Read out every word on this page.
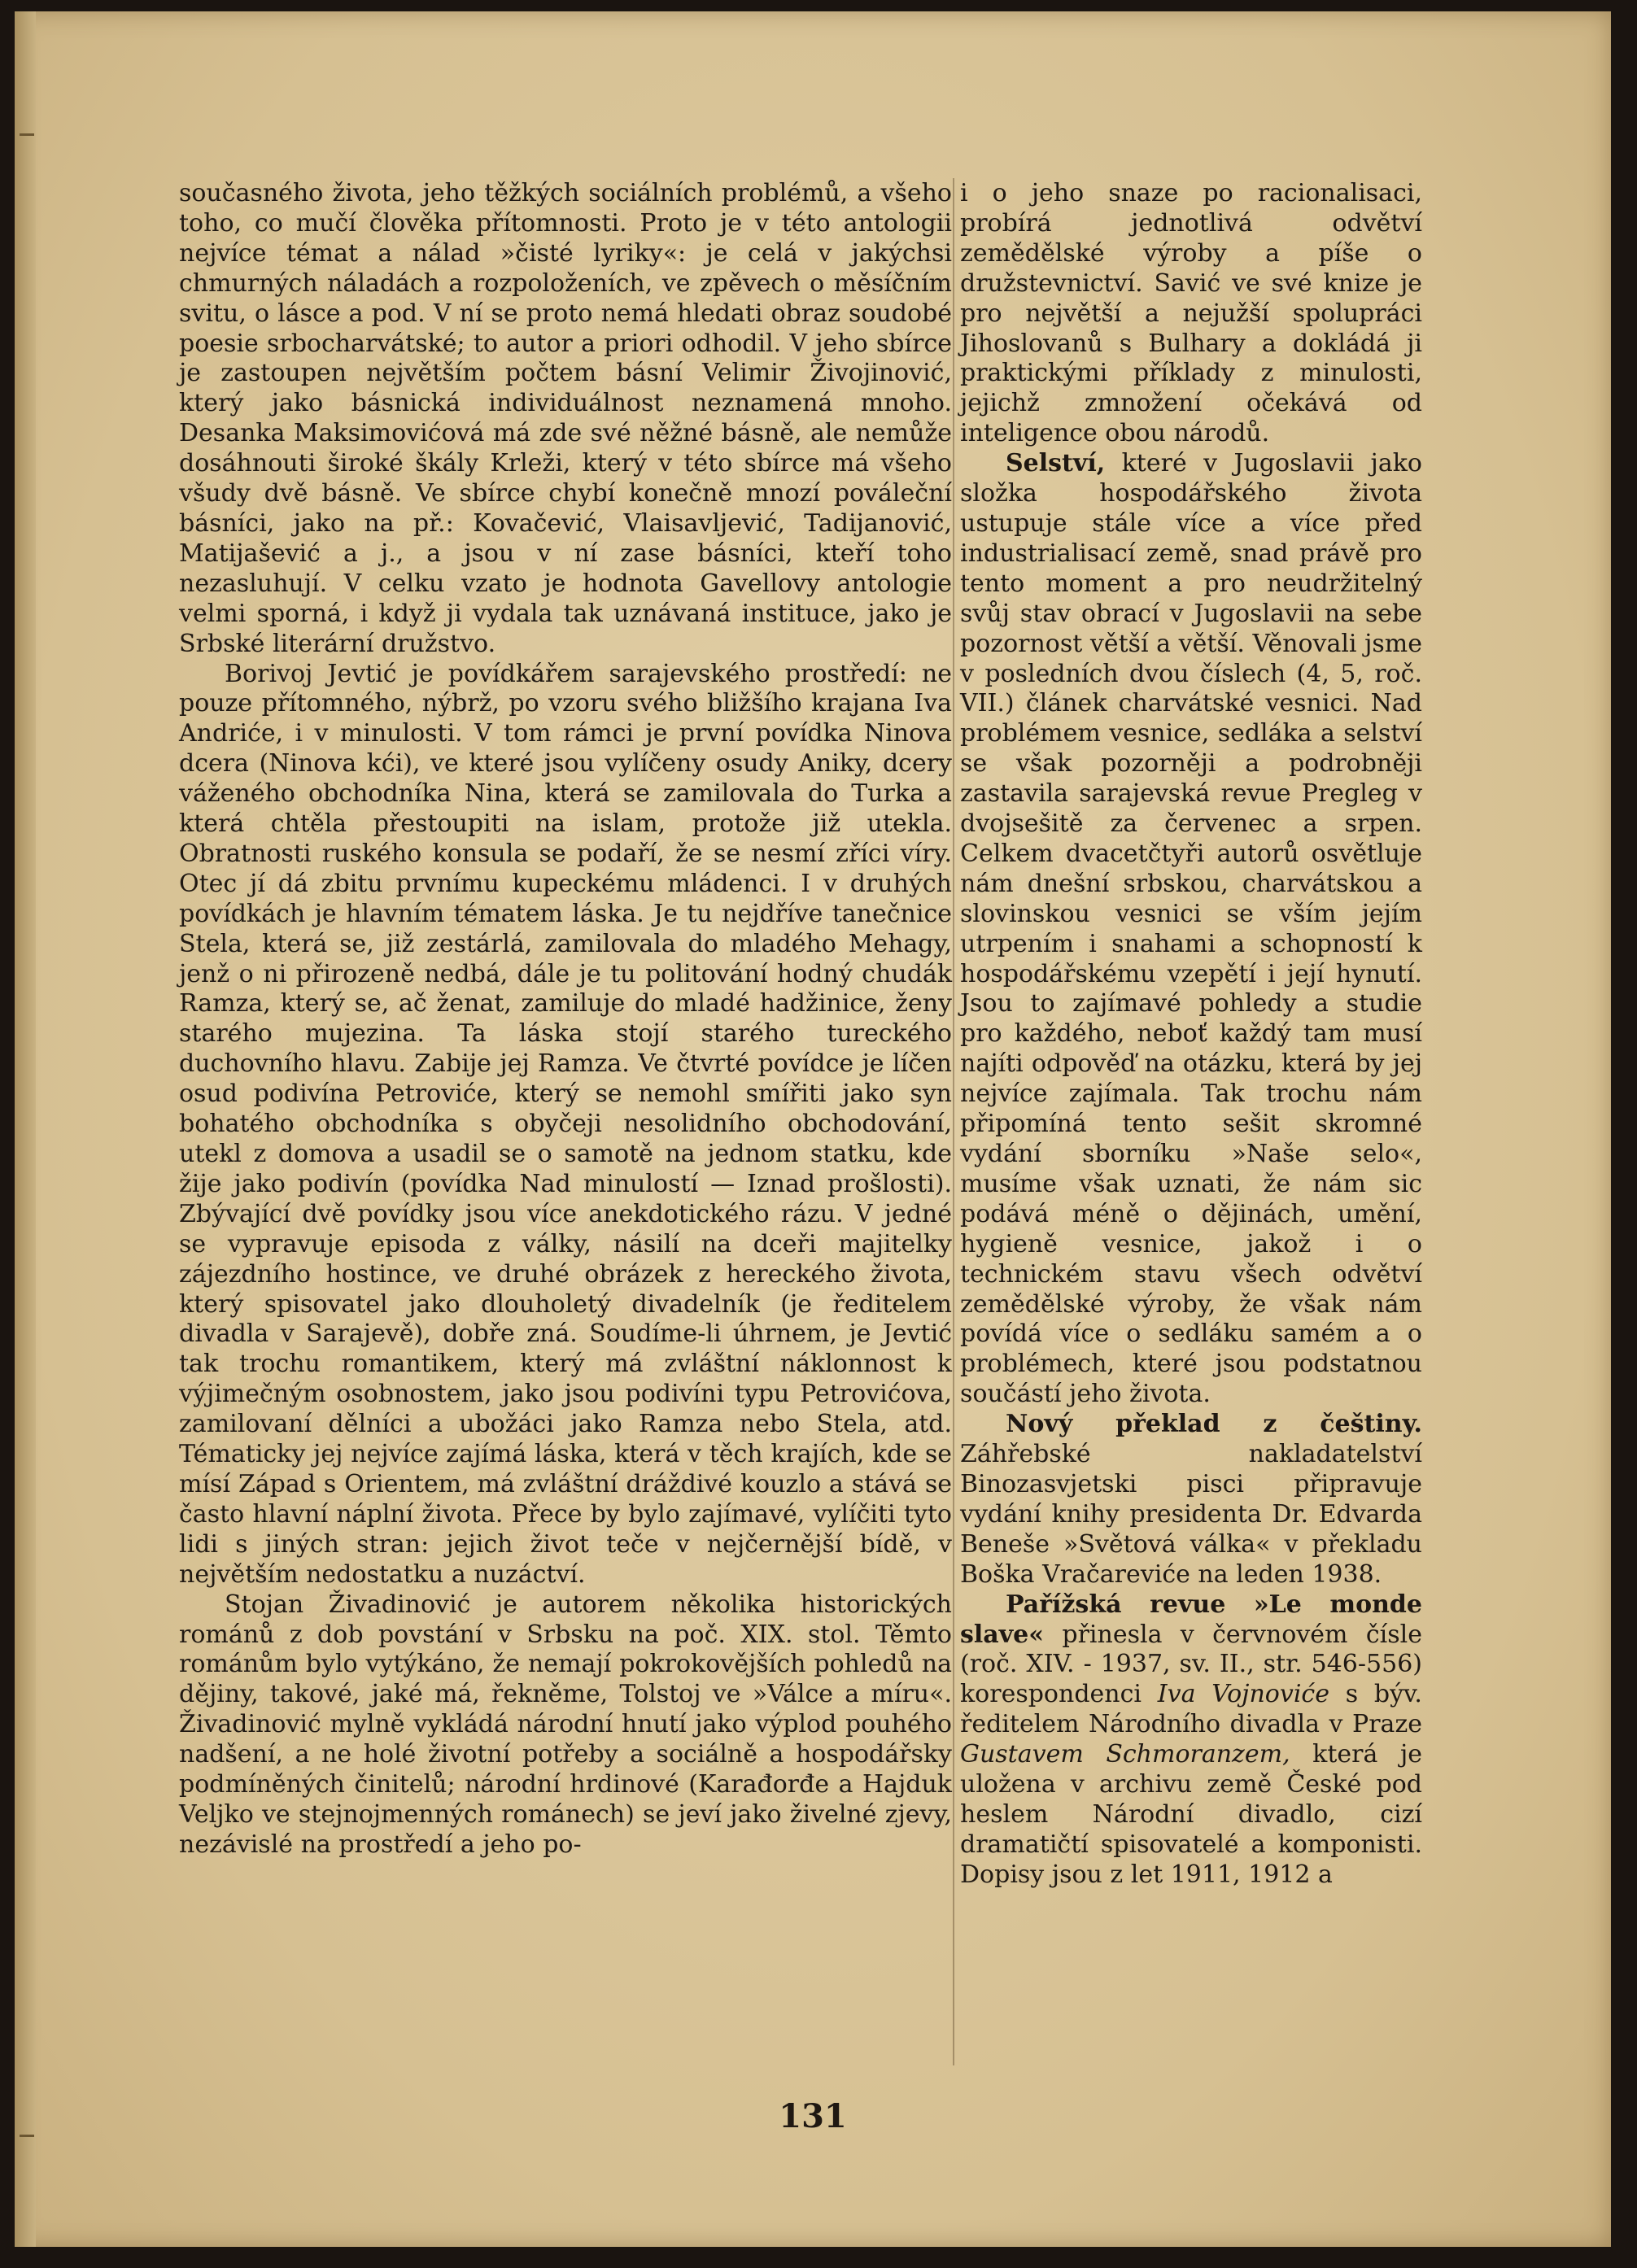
současného života, jeho těžkých sociálních problémů, a všeho toho, co mučí člověka přítomnosti. Proto je v této antologii nejvíce témat a nálad »čisté lyriky«: je celá v jakýchsi chmurných náladách a rozpoloženích, ve zpěvech o měsíčním svitu, o lásce a pod. V ní se proto nemá hledati obraz soudobé poesie srbocharvátské; to autor a priori odhodil. V jeho sbírce je zastoupen největším počtem básní Velimir Živojinović, který jako básnická individuálnost neznamená mnoho. Desanka Maksimovićová má zde své něžné básně, ale nemůže dosáhnouti široké škály Krleži, který v této sbírce má všeho všudy dvě básně. Ve sbírce chybí konečně mnozí pováleční básníci, jako na př.: Kovačević, Vlaisavljević, Tadijanović, Matijašević a j., a jsou v ní zase básníci, kteří toho nezasluhují. V celku vzato je hodnota Gavellovy antologie velmi sporná, i když ji vydala tak uznávaná instituce, jako je Srbské literární družstvo.

Borivoj Jevtić je povídkářem sarajevského prostředí: ne pouze přítomného, nýbrž, po vzoru svého bližšího krajana Iva Andriće, i v minulosti. V tom rámci je první povídka Ninova dcera (Ninova kći), ve které jsou vylíčeny osudy Aniky, dcery váženého obchodníka Nina, která se zamilovala do Turka a která chtěla přestoupiti na islam, protože již utekla. Obratnosti ruského konsula se podaří, že se nesmí zříci víry. Otec jí dá zbitu prvnímu kupeckému mládenci. I v druhých povídkách je hlavním tématem láska. Je tu nejdříve tanečnice Stela, která se, již zestárlá, zamilovala do mladého Mehagy, jenž o ni přirozeně nedbá, dále je tu politování hodný chudák Ramza, který se, ač ženat, zamiluje do mladé hadžinice, ženy starého mujezina. Ta láska stojí starého tureckého duchovního hlavu. Zabije jej Ramza. Ve čtvrté povídce je líčen osud podivína Petroviće, který se nemohl smířiti jako syn bohatého obchodníka s obyčeji nesolidního obchodování, utekl z domova a usadil se o samotě na jednom statku, kde žije jako podivín (povídka Nad minulostí — Iznad prošlosti). Zbývající dvě povídky jsou více anekdotického rázu. V jedné se vypravuje episoda z války, násilí na dceři majitelky zájezdního hostince, ve druhé obrázek z hereckého života, který spisovatel jako dlouholetý divadelník (je ředitelem divadla v Sarajevě), dobře zná. Soudíme-li úhrnem, je Jevtić tak trochu romantikem, který má zvláštní náklonnost k výjimečným osobnostem, jako jsou podivíni typu Petrovićova, zamilovaní dělníci a ubožáci jako Ramza nebo Stela, atd. Tématicky jej nejvíce zajímá láska, která v těch krajích, kde se mísí Západ s Orientem, má zvláštní dráždivé kouzlo a stává se často hlavní náplní života. Přece by bylo zajímavé, vylíčiti tyto lidi s jiných stran: jejich život teče v nejčernější bídě, v největším nedostatku a nuzáctví.

Stojan Živadinović je autorem několika historických románů z dob povstání v Srbsku na poč. XIX. stol. Těmto románům bylo vytýkáno, že nemají pokrokovějších pohledů na dějiny, takové, jaké má, řekněme, Tolstoj ve »Válce a míru«. Živadinović mylně vykládá národní hnutí jako výplod pouhého nadšení, a ne holé životní potřeby a sociálně a hospodářsky podmíněných činitelů; národní hrdinové (Karađorđe a Hajduk Veljko ve stejnojmenných románech) se jeví jako živelné zjevy, nezávislé na prostředí a jeho po-

i o jeho snaze po racionalisaci, probírá jednotlivá odvětví zemědělské výroby a píše o družstevnictví. Savić ve své knize je pro největší a nejužší spolupráci Jihoslovanů s Bulhary a dokládá ji praktickými příklady z minulosti, jejichž zmnožení očekává od inteligence obou národů.

Selství, které v Jugoslavii jako složka hospodářského života ustupuje stále více a více před industrialisací země, snad právě pro tento moment a pro neudržitelný svůj stav obrací v Jugoslavii na sebe pozornost větší a větší. Věnovali jsme v posledních dvou číslech (4, 5, roč. VII.) článek charvátské vesnici. Nad problémem vesnice, sedláka a selství se však pozorněji a podrobněji zastavila sarajevská revue Pregleg v dvojsešitě za červenec a srpen. Celkem dvacetčtyři autorů osvětluje nám dnešní srbskou, charvátskou a slovinskou vesnici se vším jejím utrpením i snahami a schopností k hospodářskému vzepětí i její hynutí. Jsou to zajímavé pohledy a studie pro každého, neboť každý tam musí najíti odpověď na otázku, která by jej nejvíce zajímala. Tak trochu nám připomíná tento sešit skromné vydání sborníku »Naše selo«, musíme však uznati, že nám sic podává méně o dějinách, umění, hygieně vesnice, jakož i o technickém stavu všech odvětví zemědělské výroby, že však nám povídá více o sedláku samém a o problémech, které jsou podstatnou součástí jeho života.

Nový překlad z češtiny. Záhřebské nakladatelství Binozasvjetski pisci připravuje vydání knihy presidenta Dr. Edvarda Beneše »Světová válka« v překladu Boška Vračareviće na leden 1938.

Pařížská revue »Le monde slave« přinesla v červnovém čísle (roč. XIV. - 1937, sv. II., str. 546-556) korespondenci Iva Vojnoviće s býv. ředitelem Národního divadla v Praze Gustavem Schmoranzem, která je uložena v archivu země České pod heslem Národní divadlo, cizí dramatičtí spisovatelé a komponisti. Dopisy jsou z let 1911, 1912 a

131
